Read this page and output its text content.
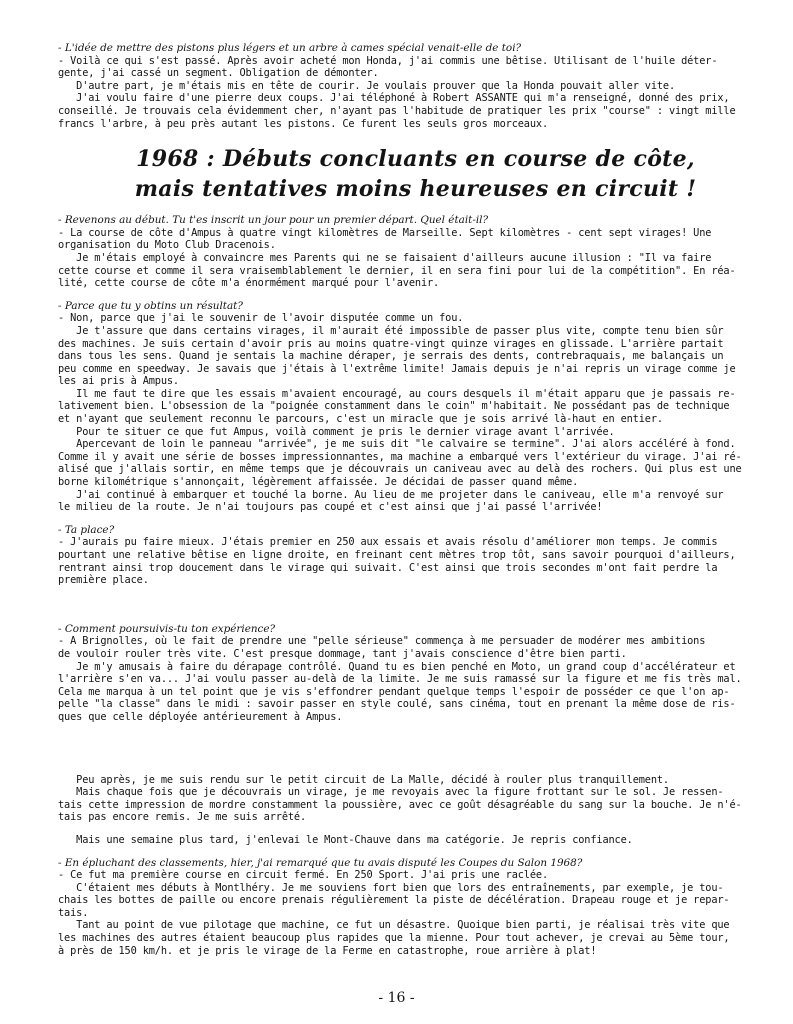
- L'idée de mettre des pistons plus légers et un arbre à cames spécial venait-elle de toi?

- Voilà ce qui s'est passé. Après avoir acheté mon Honda, j'ai commis une bêtise. Utilisant de l'huile déter-
gente, j'ai cassé un segment. Obligation de démonter.
D'autre part, je m'étais mis en tête de courir. Je voulais prouver que la Honda pouvait aller vite.
J'ai voulu faire d'une pierre deux coups. J'ai téléphoné à Robert ASSANTE qui m'a renseigné, donné des prix,
conseillé. Je trouvais cela évidemment cher, n'ayant pas l'habitude de pratiquer les prix "course" : vingt mille
francs l'arbre, à peu près autant les pistons. Ce furent les seuls gros morceaux.

1968 : Débuts concluants en course de côte,
mais tentatives moins heureuses en circuit !

- Revenons au début. Tu t'es inscrit un jour pour un premier départ. Quel était-il?

- La course de côte d'Ampus à quatre vingt kilomètres de Marseille. Sept kilomètres - cent sept virages! Une
organisation du Moto Club Dracenois.
Je m'étais employé à convaincre mes Parents qui ne se faisaient d'ailleurs aucune illusion : "Il va faire
cette course et comme il sera vraisemblablement le dernier, il en sera fini pour lui de la compétition". En réa-
lité, cette course de côte m'a énormément marqué pour l'avenir.

- Parce que tu y obtins un résultat?

- Non, parce que j'ai le souvenir de l'avoir disputée comme un fou.
Je t'assure que dans certains virages, il m'aurait été impossible de passer plus vite, compte tenu bien sûr
des machines. Je suis certain d'avoir pris au moins quatre-vingt quinze virages en glissade. L'arrière partait
dans tous les sens. Quand je sentais la machine déraper, je serrais des dents, contrebraquais, me balançais un
peu comme en speedway. Je savais que j'étais à l'extrême limite! Jamais depuis je n'ai repris un virage comme je
les ai pris à Ampus.
Il me faut te dire que les essais m'avaient encouragé, au cours desquels il m'était apparu que je passais re-
lativement bien. L'obsession de la "poignée constamment dans le coin" m'habitait. Ne possédant pas de technique
et n'ayant que seulement reconnu le parcours, c'est un miracle que je sois arrivé là-haut en entier.
Pour te situer ce que fut Ampus, voilà comment je pris le dernier virage avant l'arrivée.
Apercevant de loin le panneau "arrivée", je me suis dit "le calvaire se termine". J'ai alors accéléré à fond.
Comme il y avait une série de bosses impressionnantes, ma machine a embarqué vers l'extérieur du virage. J'ai ré-
alisé que j'allais sortir, en même temps que je découvrais un caniveau avec au delà des rochers. Qui plus est une
borne kilométrique s'annonçait, légèrement affaissée. Je décidai de passer quand même.
J'ai continué à embarquer et touché la borne. Au lieu de me projeter dans le caniveau, elle m'a renvoyé sur
le milieu de la route. Je n'ai toujours pas coupé et c'est ainsi que j'ai passé l'arrivée!

- Ta place?

- J'aurais pu faire mieux. J'étais premier en 250 aux essais et avais résolu d'améliorer mon temps. Je commis
pourtant une relative bêtise en ligne droite, en freinant cent mètres trop tôt, sans savoir pourquoi d'ailleurs,
rentrant ainsi trop doucement dans le virage qui suivait. C'est ainsi que trois secondes m'ont fait perdre la
première place.

- Comment poursuivis-tu ton expérience?

- A Brignolles, où le fait de prendre une "pelle sérieuse" commença à me persuader de modérer mes ambitions
de vouloir rouler très vite. C'est presque dommage, tant j'avais conscience d'être bien parti.
Je m'y amusais à faire du dérapage contrôlé. Quand tu es bien penché en Moto, un grand coup d'accélérateur et
l'arrière s'en va... J'ai voulu passer au-delà de la limite. Je me suis ramassé sur la figure et me fis très mal.
Cela me marqua à un tel point que je vis s'effondrer pendant quelque temps l'espoir de posséder ce que l'on ap-
pelle "la classe" dans le midi : savoir passer en style coulé, sans cinéma, tout en prenant la même dose de ris-
ques que celle déployée antérieurement à Ampus.

Peu après, je me suis rendu sur le petit circuit de La Malle, décidé à rouler plus tranquillement.
Mais chaque fois que je découvrais un virage, je me revoyais avec la figure frottant sur le sol. Je ressen-
tais cette impression de mordre constamment la poussière, avec ce goût désagréable du sang sur la bouche. Je n'é-
tais pas encore remis. Je me suis arrêté.

Mais une semaine plus tard, j'enlevai le Mont-Chauve dans ma catégorie. Je repris confiance.

- En épluchant des classements, hier, j'ai remarqué que tu avais disputé les Coupes du Salon 1968?

- Ce fut ma première course en circuit fermé. En 250 Sport. J'ai pris une raclée.
C'étaient mes débuts à Montlhéry. Je me souviens fort bien que lors des entraînements, par exemple, je tou-
chais les bottes de paille ou encore prenais régulièrement la piste de décélération. Drapeau rouge et je repar-
tais.
Tant au point de vue pilotage que machine, ce fut un désastre. Quoique bien parti, je réalisai très vite que
les machines des autres étaient beaucoup plus rapides que la mienne. Pour tout achever, je crevai au 5ème tour,
à près de 150 km/h. et je pris le virage de la Ferme en catastrophe, roue arrière à plat!

- 16 -
